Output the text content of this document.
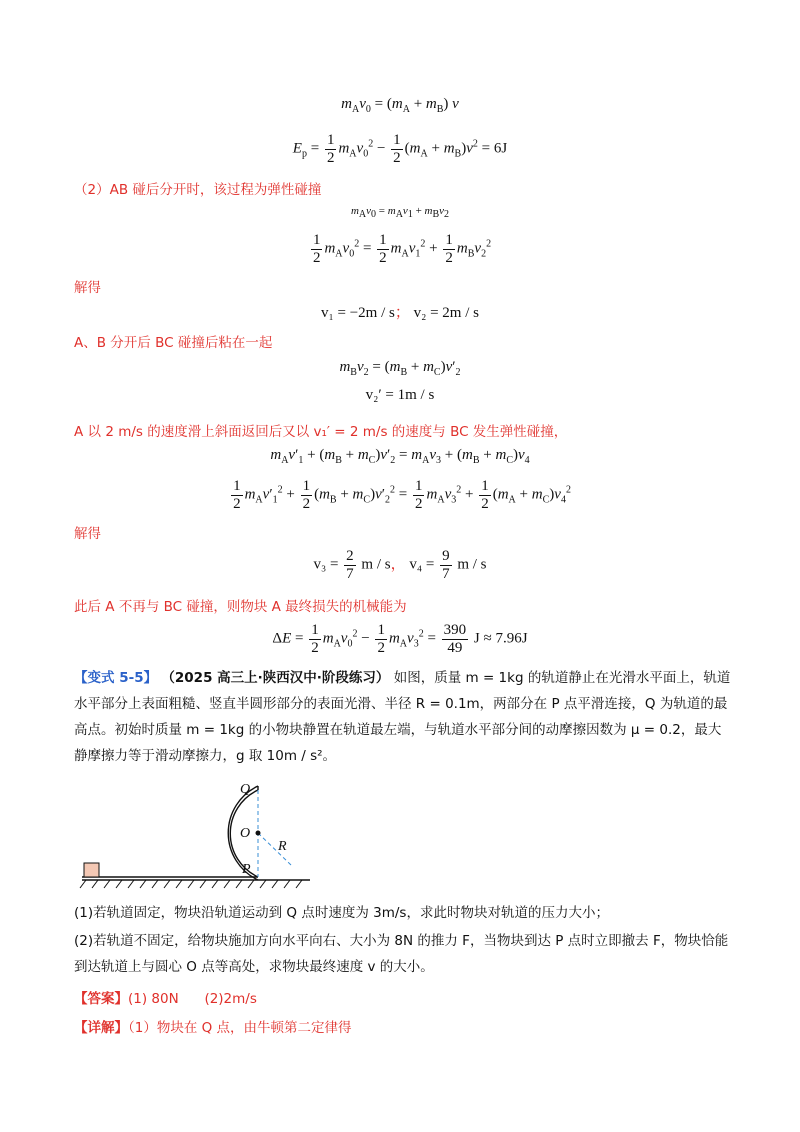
$m_Av_0 = (m_A + m_B)$ v
$E_p = \frac{1}{2} m_Av_0^2 - \frac{1}{2} (m_A + m_B)v^2 = 6J$
（2）AB 碰后分开时，该过程为弹性碰撞
$m_Av_0 = m_Av_1 + m_Bv_2$
$\frac{1}{2} m_Av_0^2 = \frac{1}{2} m_Av_1^2 + \frac{1}{2} m_Bv_2^2$
解得
v₁ = −2m / s； v₂ = 2m / s
A、B 分开后 BC 碰撞后粘在一起
$m_Bv_2 = (m_B + m_C)v'_2$
v₂′ = 1m / s
A 以 2 m/s 的速度滑上斜面返回后又以 v₁′ = 2 m/s 的速度与 BC 发生弹性碰撞，
$m_Av'_1 + (m_B + m_C)v'_2 = m_Av_3 + (m_B + m_C)v_4$
$\frac{1}{2} m_Av'_1^2 + \frac{1}{2} (m_B + m_C)v'_2^2 = \frac{1}{2} m_Av_3^2 + \frac{1}{2} (m_A + m_C)v_4^2$
解得
$v_3 = \frac{2}{7}$ m / s， $v_4 = \frac{9}{7}$ m / s
此后 A 不再与 BC 碰撞，则物块 A 最终损失的机械能为
$\Delta E = \frac{1}{2} m_Av_0^2 - \frac{1}{2} m_Av_3^2 = \frac{390}{49}$ J ≈ 7.96J
【变式 5-5】 （2025 高三上·陕西汉中·阶段练习） 如图，质量 m = 1kg 的轨道静止在光滑水平面上，轨道水平部分上表面粗糙、竖直半圆形部分的表面光滑、半径 R = 0.1m，两部分在 P 点平滑连接，Q 为轨道的最高点。初始时质量 m = 1kg 的小物块静置在轨道最左端，与轨道水平部分间的动摩擦因数为 μ = 0.2，最大静摩擦力等于滑动摩擦力，g 取 10m / s²。
Q
O
R
P
(1)若轨道固定，物块沿轨道运动到 Q 点时速度为 3m/s，求此时物块对轨道的压力大小；
(2)若轨道不固定，给物块施加方向水平向右、大小为 8N 的推力 F，当物块到达 P 点时立即撤去 F，物块恰能到达轨道上与圆心 O 点等高处，求物块最终速度 v 的大小。
【答案】(1) 80N      (2)2m/s
【详解】（1）物块在 Q 点，由牛顿第二定律得
